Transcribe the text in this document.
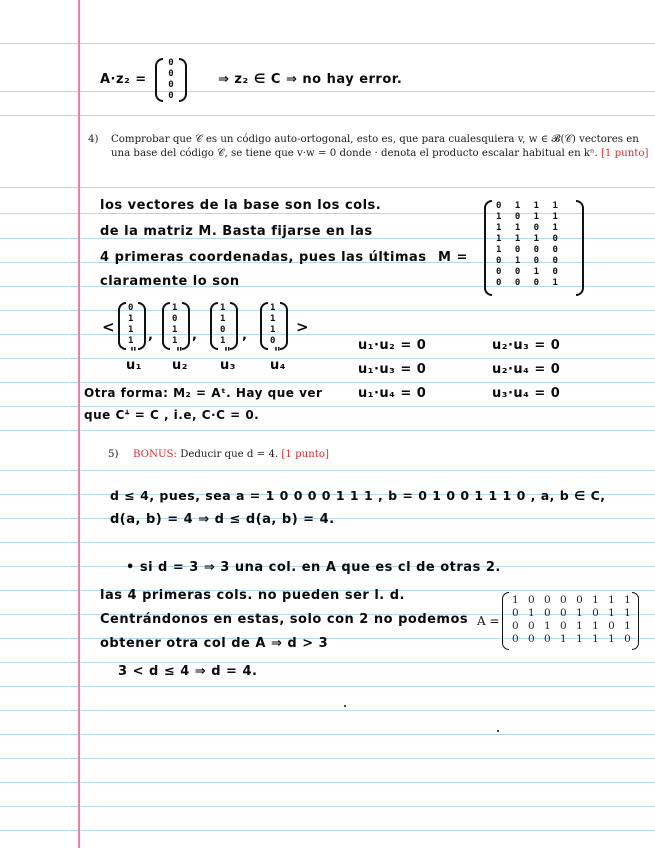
A·z₂ =
0
0
0
0
⇒ z₂ ∈ C ⇒ no hay error.
4) Comprobar que 𝒞 es un código auto-ortogonal, esto es, que para cualesquiera v, w ∈ 𝓑(𝒞) vectores en
una base del código 𝒞, se tiene que v·w = 0 donde · denota el producto escalar habitual en kⁿ. [1 punto]
los vectores de la base son los cols.
de la matriz M. Basta fijarse en las
4 primeras coordenadas, pues las últimas
claramente lo son
M =
0 1 1 1
1 0 1 1
1 1 0 1
1 1 1 0
1 0 0 0
0 1 0 0
0 0 1 0
0 0 0 1
<
0
1
1
1 ,
1
0
1
1 ,
1
1
0
1 ,
1
1
1
0
>
"	"	"	"
u₁ u₂ u₃	u₄
u₁·u₂ = 0	u₂·u₃ = 0
u₁·u₃ = 0	u₂·u₄ = 0
u₁·u₄ = 0	u₃·u₄ = 0
Otra forma: M₂ = Aᵗ. Hay que ver
que Cᗮ = C , i.e, C·C = 0.
5) BONUS: Deducir que d = 4. [1 punto]
d ≤ 4, pues, sea a = 1 0 0 0 0 1 1 1 , b = 0 1 0 0 1 1 1 0 , a, b ∈ C,
d(a, b) = 4 ⇒ d ≤ d(a, b) = 4.
• si d = 3 ⇒ 3 una col. en A que es cl de otras 2.
las 4 primeras cols. no pueden ser l. d.
Centrándonos en estas, solo con 2 no podemos
obtener otra col de A ⇒ d > 3
3 < d ≤ 4 ⇒ d = 4.
A =
1 0 0 0 0 1 1 1
0 1 0 0 1 0 1 1
0 0 1 0 1 1 0 1
0 0 0 1 1 1 1 0
